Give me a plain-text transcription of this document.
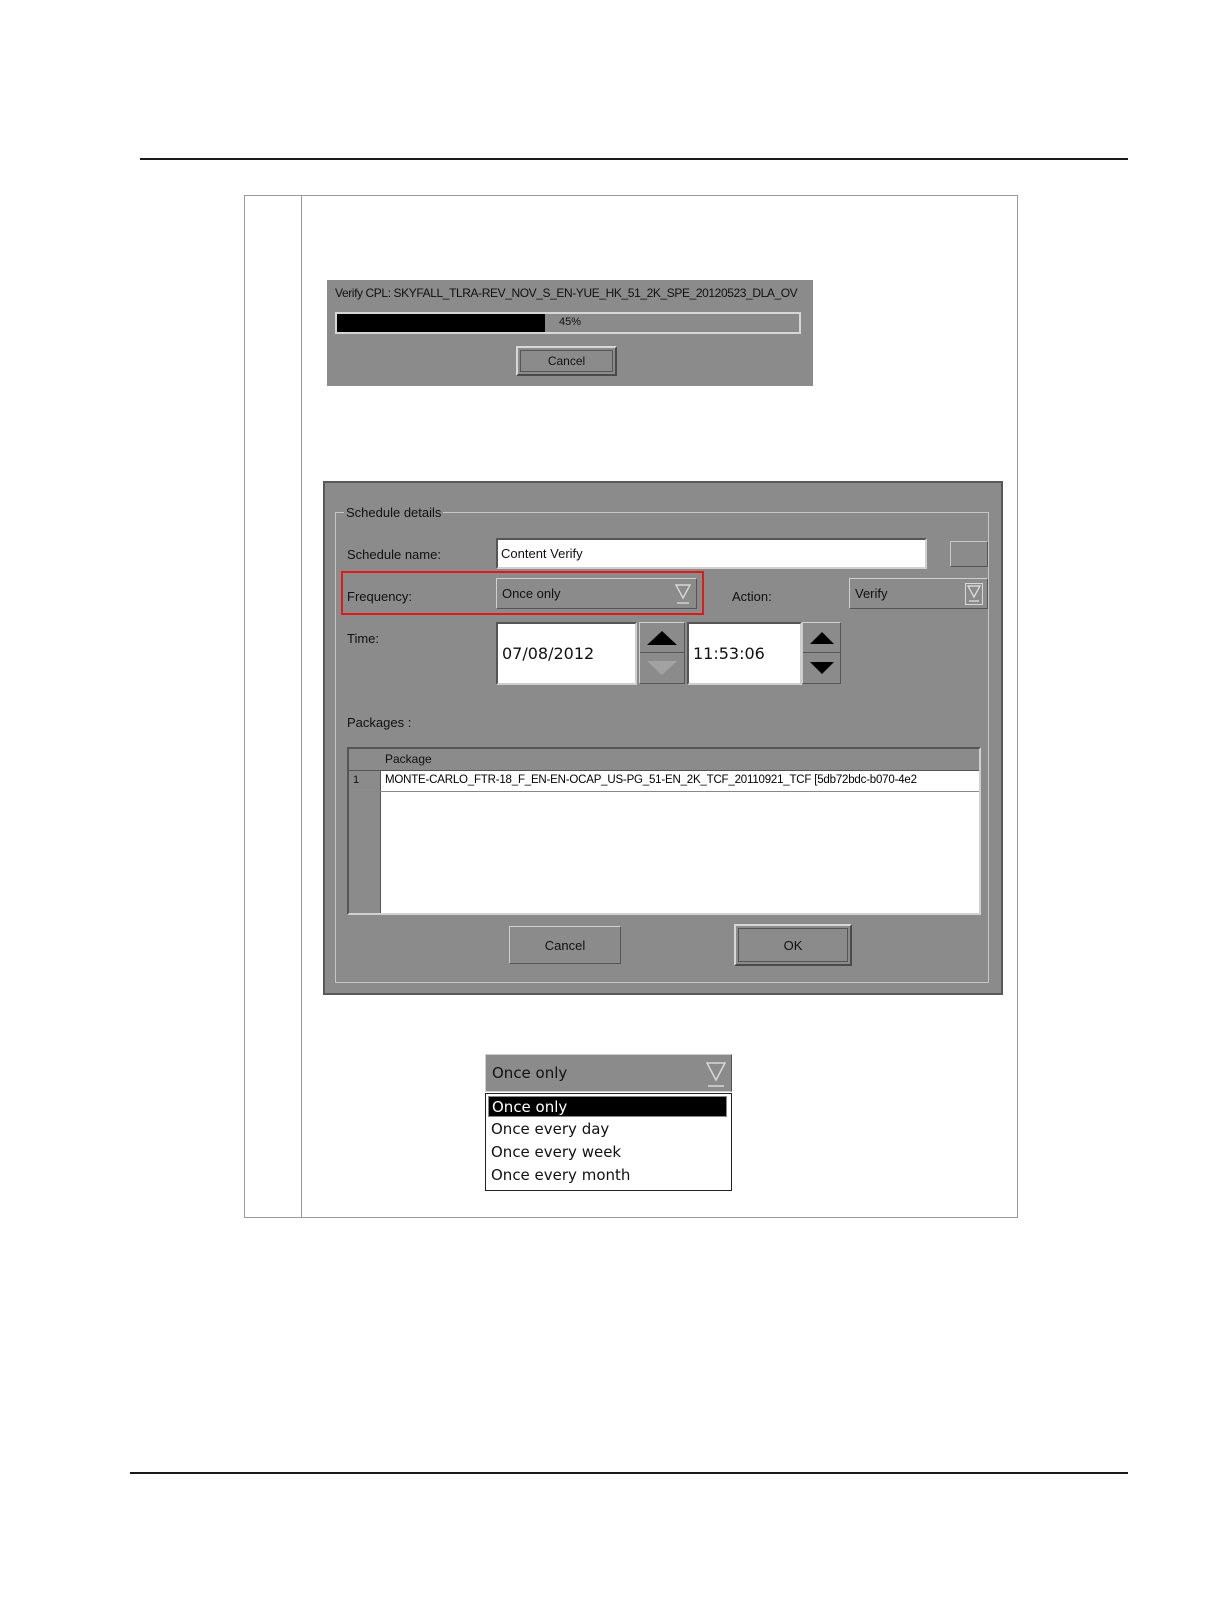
Verify CPL: SKYFALL_TLRA-REV_NOV_S_EN-YUE_HK_51_2K_SPE_20120523_DLA_OV
45%
Cancel
Schedule details
Schedule name:	Content Verify
Frequency:	Once only	Action:	Verify
Time:
07/08/2012	11:53:06
Packages :
Package
1 MONTE-CARLO_FTR-18_F_EN-EN-OCAP_US-PG_51-EN_2K_TCF_20110921_TCF [5db72bdc-b070-4e2
Cancel	OK
Once only
Once only
Once every day
Once every week
Once every month
